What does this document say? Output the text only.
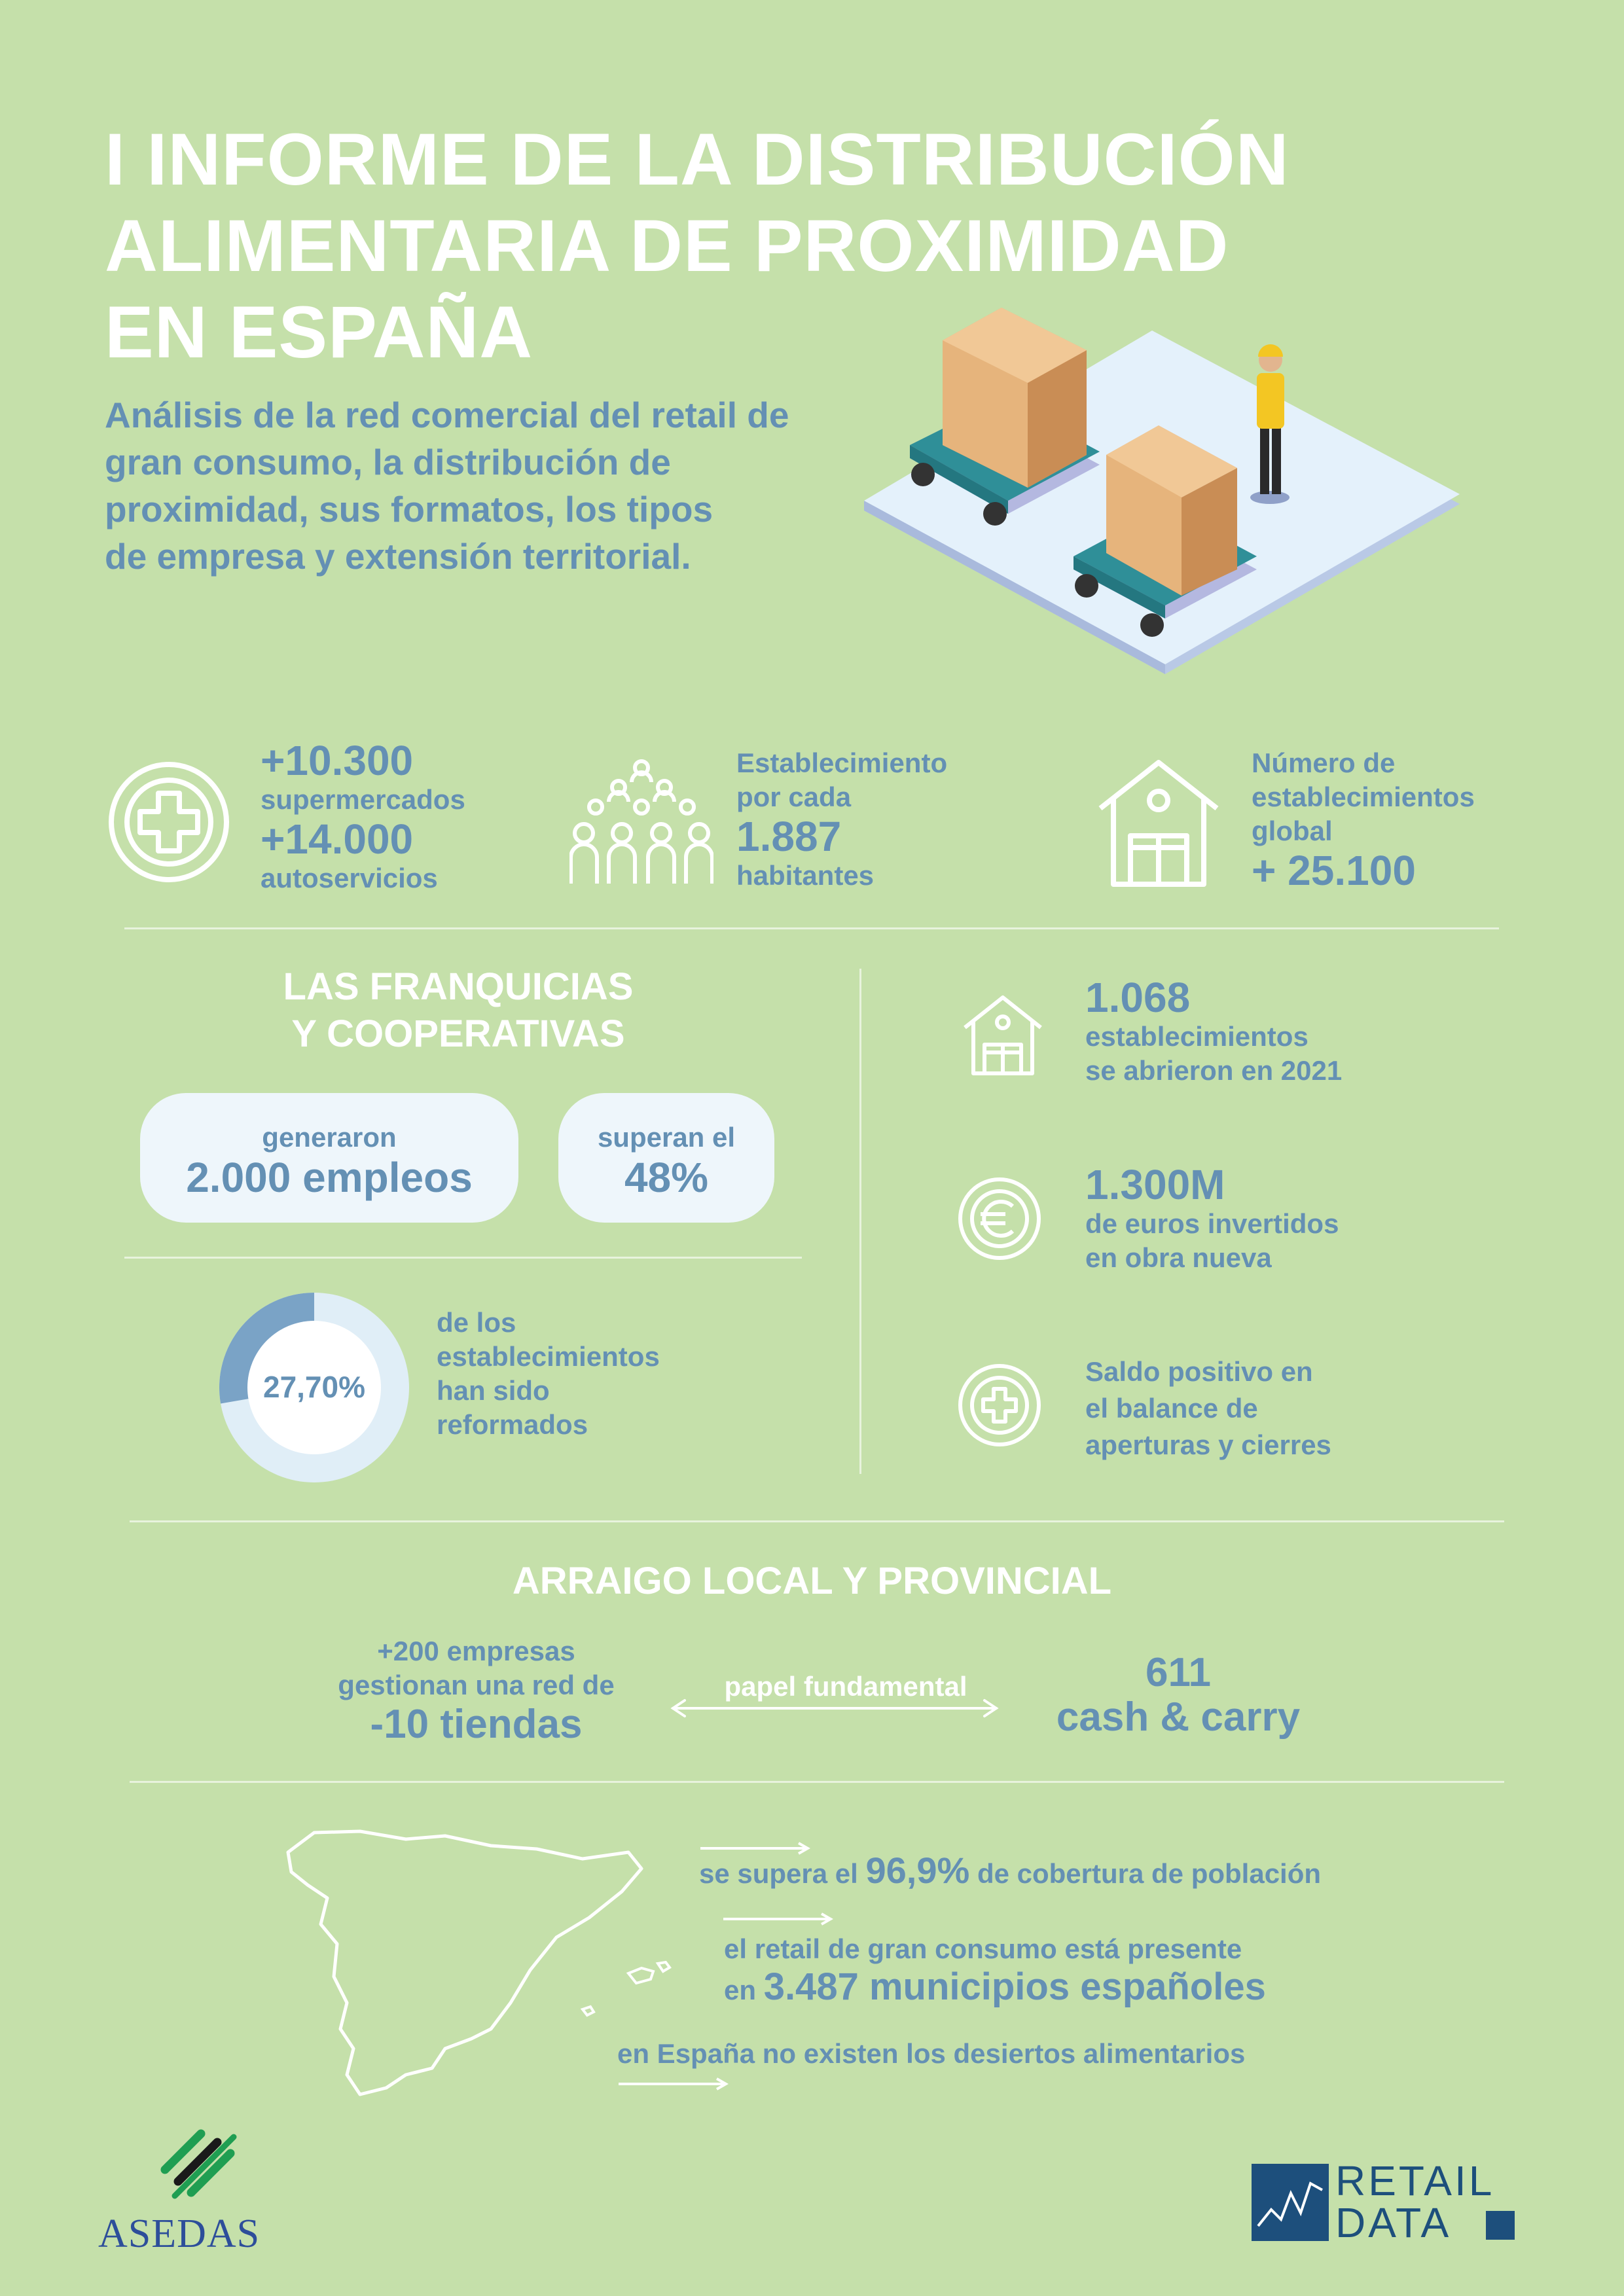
I INFORME DE LA DISTRIBUCIÓN
ALIMENTARIA DE PROXIMIDAD
EN ESPAÑA
Análisis de la red comercial del retail de
gran consumo, la distribución de
proximidad, sus formatos, los tipos
de empresa y extensión territorial.
+10.300
supermercados
+14.000
autoservicios
Establecimiento
por cada
1.887
habitantes
Número de
establecimientos
global
+ 25.100
LAS FRANQUICIAS
Y COOPERATIVAS
generaron
2.000 empleos
superan el
48%
27,70%
de los
establecimientos
han sido
reformados
1.068
establecimientos
se abrieron en 2021
1.300M
de euros invertidos
en obra nueva
Saldo positivo en
el balance de
aperturas y cierres
ARRAIGO LOCAL Y PROVINCIAL
+200 empresas
gestionan una red de
-10 tiendas
papel fundamental	611
cash & carry
se supera el 96,9% de cobertura de población
el retail de gran consumo está presente
en 3.487 municipios españoles
en España no existen los desiertos alimentarios
ASEDAS
RETAIL
DATA
